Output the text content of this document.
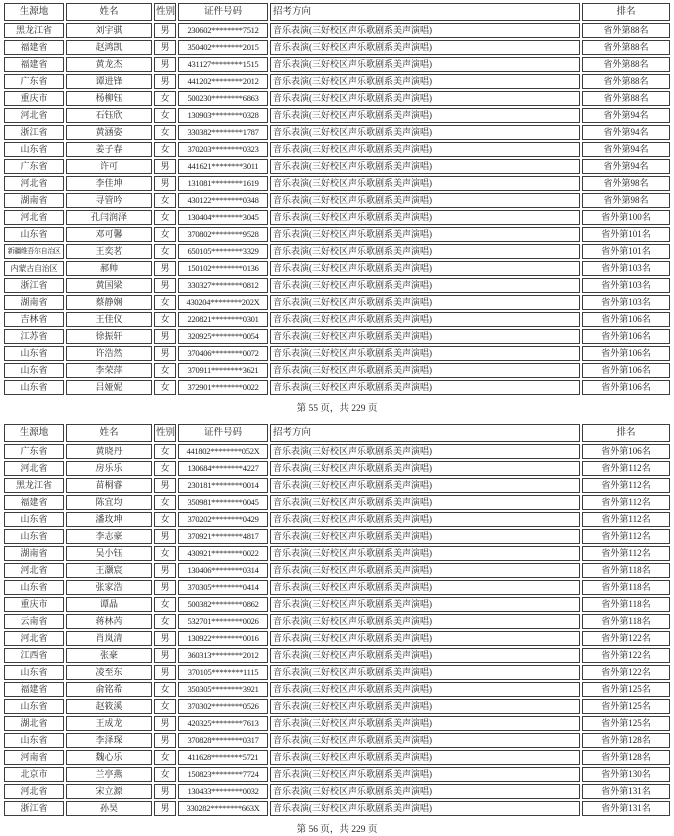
生源地	姓名	性别	证件号码	招考方向	排名
黑龙江省	刘宇骐	男	230602********7512	音乐表演(三好校区声乐歌剧系美声演唱)	省外第88名
福建省	赵鸿凯	男	350402********2015	音乐表演(三好校区声乐歌剧系美声演唱)	省外第88名
福建省	黄龙杰	男	431127********1515	音乐表演(三好校区声乐歌剧系美声演唱)	省外第88名
广东省	谭进锋	男	441202********2012	音乐表演(三好校区声乐歌剧系美声演唱)	省外第88名
重庆市	杨柳钰	女	500230********6863	音乐表演(三好校区声乐歌剧系美声演唱)	省外第88名
河北省	石钰欣	女	130903********0328	音乐表演(三好校区声乐歌剧系美声演唱)	省外第94名
浙江省	黄涵姿	女	330382********1787	音乐表演(三好校区声乐歌剧系美声演唱)	省外第94名
山东省	姜子春	女	370203********0323	音乐表演(三好校区声乐歌剧系美声演唱)	省外第94名
广东省	许可	男	441621********3011	音乐表演(三好校区声乐歌剧系美声演唱)	省外第94名
河北省	李佳坤	男	131081********1619	音乐表演(三好校区声乐歌剧系美声演唱)	省外第98名
湖南省	寻管吟	女	430122********0348	音乐表演(三好校区声乐歌剧系美声演唱)	省外第98名
河北省	孔闫润泽	女	130404********3045	音乐表演(三好校区声乐歌剧系美声演唱)	省外第100名
山东省	邓可馨	女	370802********9528	音乐表演(三好校区声乐歌剧系美声演唱)	省外第101名
新疆维吾尔自治区	王奕茗	女	650105********3329	音乐表演(三好校区声乐歌剧系美声演唱)	省外第101名
内蒙古自治区	郝帅	男	150102********0136	音乐表演(三好校区声乐歌剧系美声演唱)	省外第103名
浙江省	黄国梁	男	330327********0812	音乐表演(三好校区声乐歌剧系美声演唱)	省外第103名
湖南省	蔡静娴	女	430204********202X	音乐表演(三好校区声乐歌剧系美声演唱)	省外第103名
吉林省	王佳仪	女	220821********0301	音乐表演(三好校区声乐歌剧系美声演唱)	省外第106名
江苏省	徐振轩	男	320925********0054	音乐表演(三好校区声乐歌剧系美声演唱)	省外第106名
山东省	许浩然	男	370406********0072	音乐表演(三好校区声乐歌剧系美声演唱)	省外第106名
山东省	李荣萍	女	370911********3621	音乐表演(三好校区声乐歌剧系美声演唱)	省外第106名
山东省	吕娅妮	女	372901********0022	音乐表演(三好校区声乐歌剧系美声演唱)	省外第106名
第 55 页，共 229 页
生源地	姓名	性别	证件号码	招考方向	排名
广东省	黄晓丹	女	441802********052X	音乐表演(三好校区声乐歌剧系美声演唱)	省外第106名
河北省	房乐乐	女	130684********4227	音乐表演(三好校区声乐歌剧系美声演唱)	省外第112名
黑龙江省	苗桐睿	男	230181********0014	音乐表演(三好校区声乐歌剧系美声演唱)	省外第112名
福建省	陈宜均	女	350981********0045	音乐表演(三好校区声乐歌剧系美声演唱)	省外第112名
山东省	潘玫坤	女	370202********0429	音乐表演(三好校区声乐歌剧系美声演唱)	省外第112名
山东省	李志豪	男	370921********4817	音乐表演(三好校区声乐歌剧系美声演唱)	省外第112名
湖南省	吴小钰	女	430921********0022	音乐表演(三好校区声乐歌剧系美声演唱)	省外第112名
河北省	王灏宸	男	130406********0314	音乐表演(三好校区声乐歌剧系美声演唱)	省外第118名
山东省	张家浩	男	370305********0414	音乐表演(三好校区声乐歌剧系美声演唱)	省外第118名
重庆市	谭晶	女	500382********0862	音乐表演(三好校区声乐歌剧系美声演唱)	省外第118名
云南省	蒋林芮	女	532701********0026	音乐表演(三好校区声乐歌剧系美声演唱)	省外第118名
河北省	肖岚清	男	130922********0016	音乐表演(三好校区声乐歌剧系美声演唱)	省外第122名
江西省	张豪	男	360313********2012	音乐表演(三好校区声乐歌剧系美声演唱)	省外第122名
山东省	凌至东	男	370105********1115	音乐表演(三好校区声乐歌剧系美声演唱)	省外第122名
福建省	俞铭希	女	350305********3921	音乐表演(三好校区声乐歌剧系美声演唱)	省外第125名
山东省	赵筱溪	女	370302********0526	音乐表演(三好校区声乐歌剧系美声演唱)	省外第125名
湖北省	王成龙	男	420325********7613	音乐表演(三好校区声乐歌剧系美声演唱)	省外第125名
山东省	李泽琛	男	370828********0317	音乐表演(三好校区声乐歌剧系美声演唱)	省外第128名
河南省	魏心乐	女	411628********5721	音乐表演(三好校区声乐歌剧系美声演唱)	省外第128名
北京市	兰亭燕	女	150823********7724	音乐表演(三好校区声乐歌剧系美声演唱)	省外第130名
河北省	宋立源	男	130433********0032	音乐表演(三好校区声乐歌剧系美声演唱)	省外第131名
浙江省	孙昊	男	330282********663X	音乐表演(三好校区声乐歌剧系美声演唱)	省外第131名
第 56 页，共 229 页
